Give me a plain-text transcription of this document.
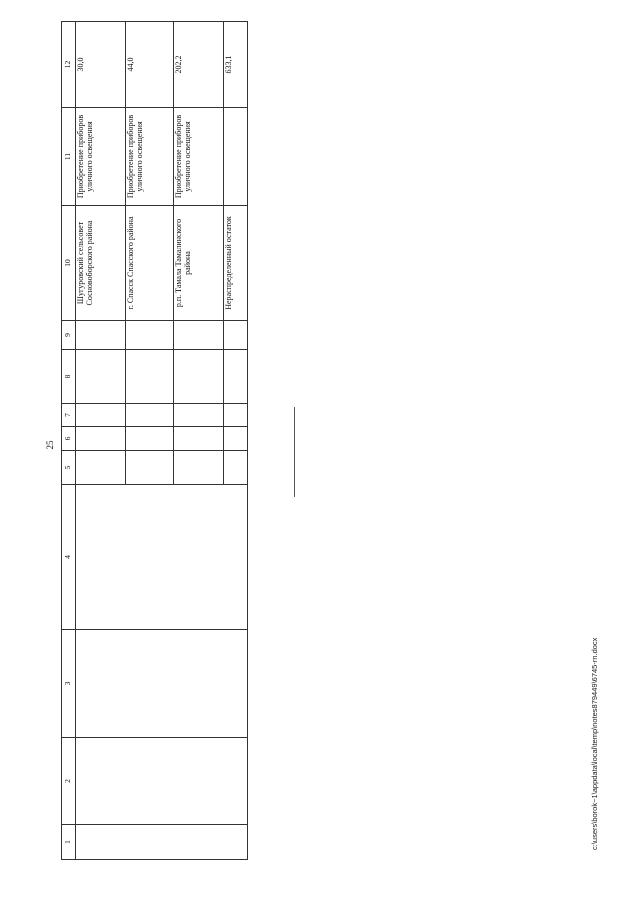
25
1	2	3	4	5	6	7	8	9	10	11	12
									Шугуровский сельсовет Сосновоборского района	Приобретение приборов уличного освещения	30,0
									г. Спасск Спасского района	Приобретение приборов уличного освещения	44,0
									р.п. Тамала Тамалинского района	Приобретение приборов уличного освещения	202,2
									Нераспределенный остаток		633,1
c:\users\borok~1\appdata\local\temp\notes879449\6745-rn.docx
